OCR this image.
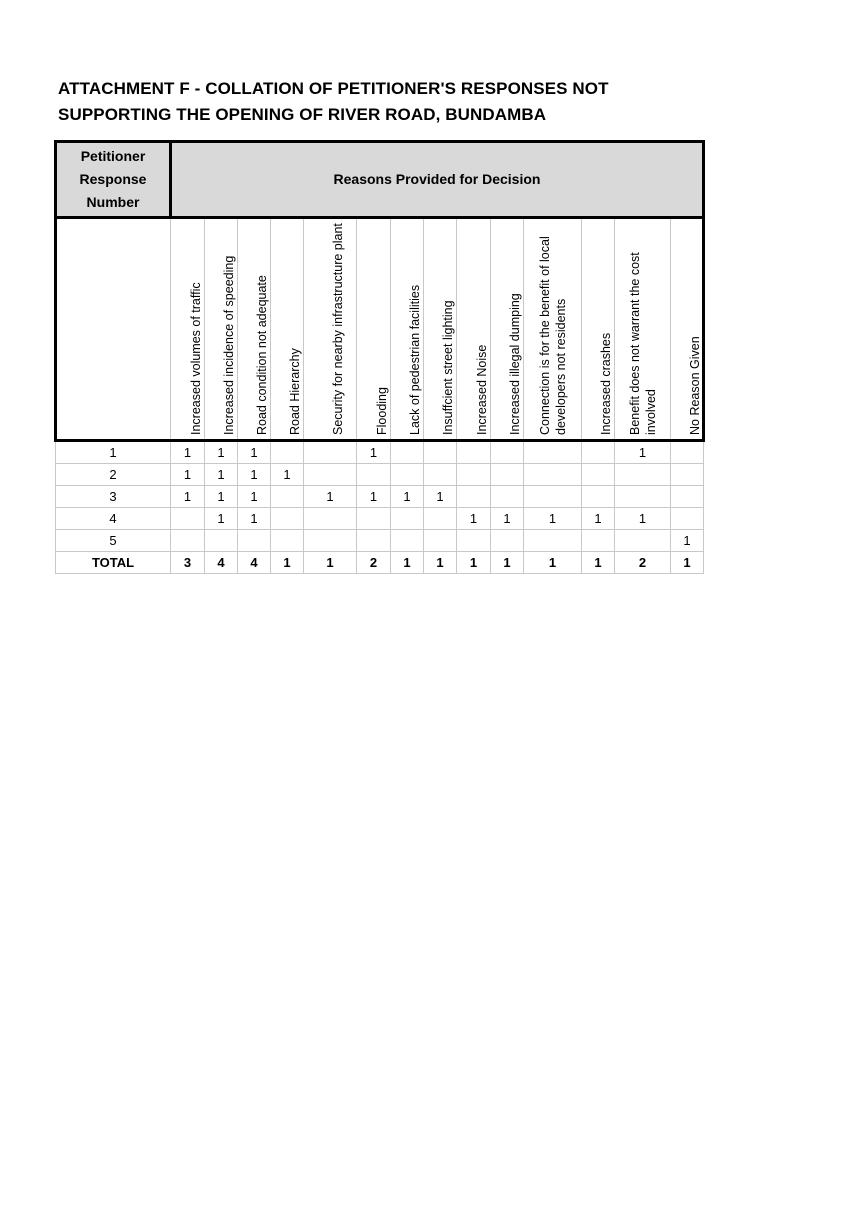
ATTACHMENT F - COLLATION OF PETITIONER'S RESPONSES NOT
SUPPORTING THE OPENING OF RIVER ROAD, BUNDAMBA
Petitioner Response Number	Reasons Provided for Decision													

	Increased volumes of traffic	Increased incidence of speeding	Road condition not adequate	Road Hierarchy	Security for nearby infrastructure plant	Flooding	Lack of pedestrian facilities	Insuffcient street lighting	Increased Noise	Increased illegal dumping	Connection is for the benefit of local developers not residents	Increased crashes	Benefit does not warrant the cost involved	No Reason Given

1	1	1	1			1							1	
2	1	1	1	1										
3	1	1	1		1	1	1	1						
4		1	1						1	1	1	1	1	
5														1
TOTAL	3	4	4	1	1	2	1	1	1	1	1	1	2	1
